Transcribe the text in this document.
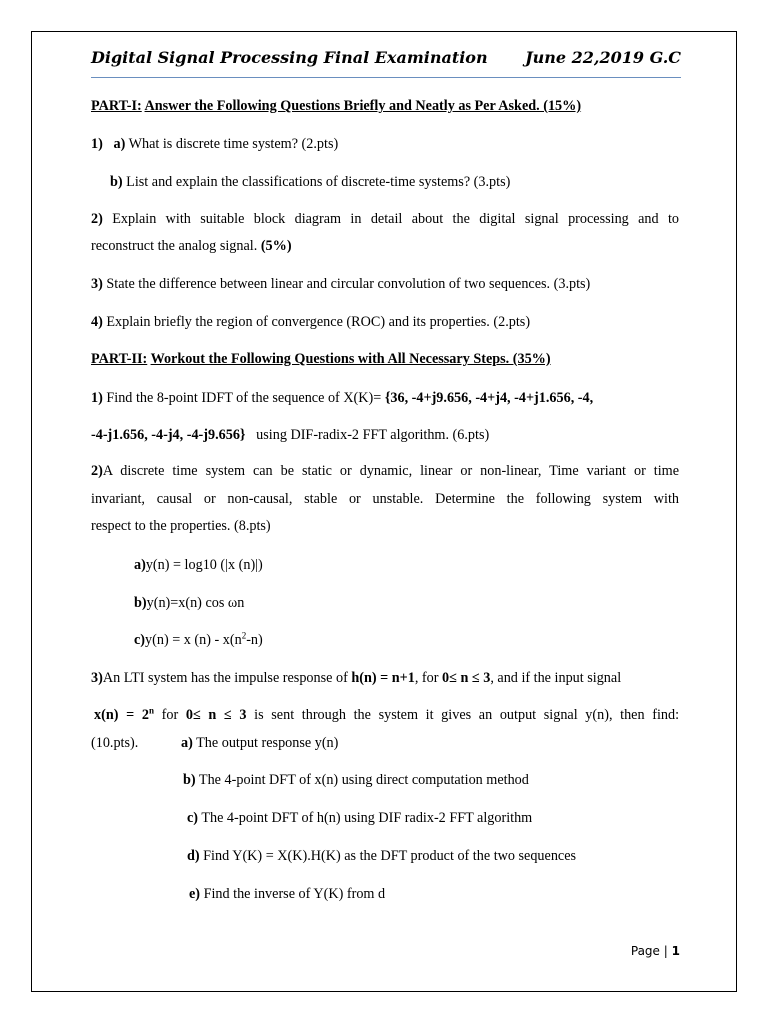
Digital Signal Processing Final Examination June 22,2019 G.C
PART-I: Answer the Following Questions Briefly and Neatly as Per Asked. (15%)
1) a) What is discrete time system? (2.pts)
b) List and explain the classifications of discrete-time systems? (3.pts)
2) Explain with suitable block diagram in detail about the digital signal processing and to
reconstruct the analog signal. (5%)
3) State the difference between linear and circular convolution of two sequences. (3.pts)
4) Explain briefly the region of convergence (ROC) and its properties. (2.pts)
PART-II: Workout the Following Questions with All Necessary Steps. (35%)
1) Find the 8-point IDFT of the sequence of X(K)= {36, -4+j9.656, -4+j4, -4+j1.656, -4,
-4-j1.656, -4-j4, -4-j9.656} using DIF-radix-2 FFT algorithm. (6.pts)
2)A discrete time system can be static or dynamic, linear or non-linear, Time variant or time
invariant, causal or non-causal, stable or unstable. Determine the following system with
respect to the properties. (8.pts)
a)y(n) = log10 (|x (n)|)
b)y(n)=x(n) cos ωn
c)y(n) = x $(n) - x(n^2-n)$
3)An LTI system has the impulse response of h(n) = n+1, for 0≤ n ≤ 3, and if the input signal
$x(n) = 2^n$ for 0≤ n ≤ 3 is sent through the system it gives an output signal y(n), then find:
(10.pts).	a) The output response y(n)
b) The 4-point DFT of x(n) using direct computation method
c) The 4-point DFT of h(n) using DIF radix-2 FFT algorithm
d) Find Y(K) = X(K).H(K) as the DFT product of the two sequences
e) Find the inverse of Y(K) from d
Page | 1
